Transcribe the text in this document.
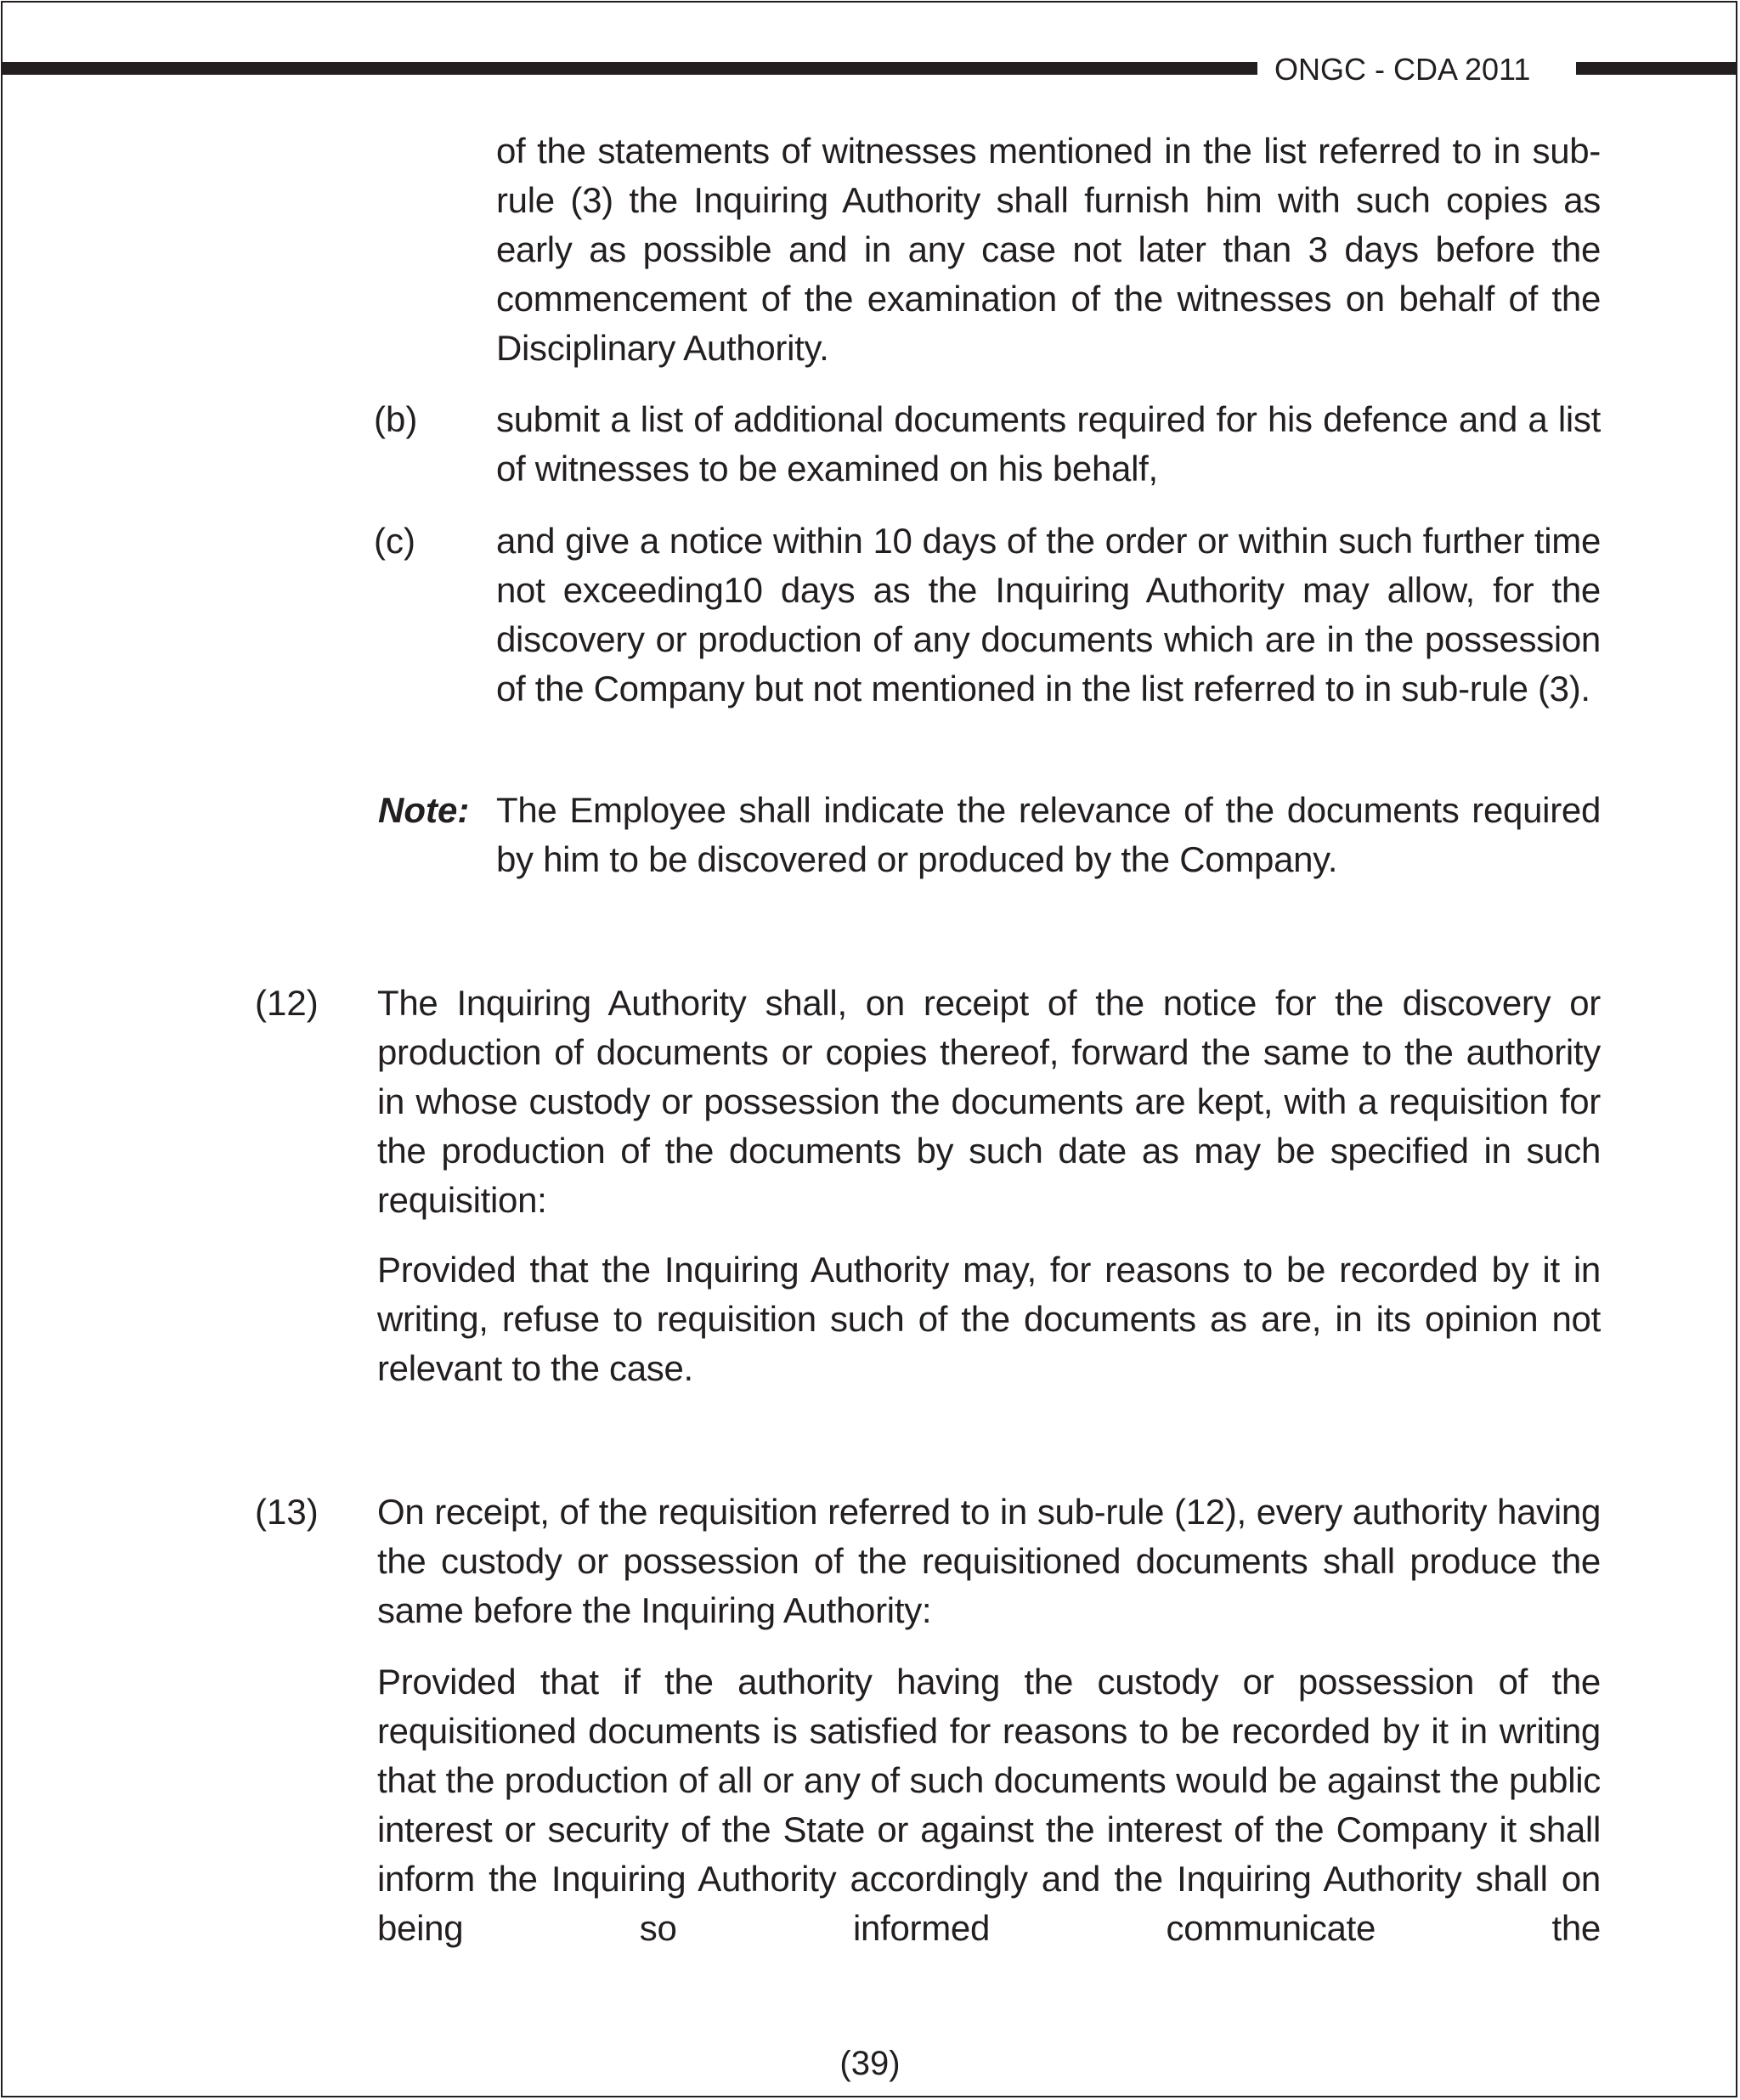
ONGC - CDA 2011

of the statements of witnesses mentioned in the list referred to in sub-rule (3) the Inquiring Authority shall furnish him with such copies as early as possible and in any case not later than 3 days before the commencement of the examination of the witnesses on behalf of the Disciplinary Authority.

(b) submit a list of additional documents required for his defence and a list of witnesses to be examined on his behalf,

(c) and give a notice within 10 days of the order or within such further time not exceeding10 days as the Inquiring Authority may allow, for the discovery or production of any documents which are in the possession of the Company but not mentioned in the list referred to in sub-rule (3).

Note: The Employee shall indicate the relevance of the documents required by him to be discovered or produced by the Company.

(12) The Inquiring Authority shall, on receipt of the notice for the discovery or production of documents or copies thereof, forward the same to the authority in whose custody or possession the documents are kept, with a requisition for the production of the documents by such date as may be specified in such requisition:

Provided that the Inquiring Authority may, for reasons to be recorded by it in writing, refuse to requisition such of the documents as are, in its opinion not relevant to the case.

(13) On receipt, of the requisition referred to in sub-rule (12), every authority having the custody or possession of the requisitioned documents shall produce the same before the Inquiring Authority:

Provided that if the authority having the custody or possession of the requisitioned documents is satisfied for reasons to be recorded by it in writing that the production of all or any of such documents would be against the public interest or security of the State or against the interest of the Company it shall inform the Inquiring Authority accordingly and the Inquiring Authority shall on being so informed communicate the

(39)
